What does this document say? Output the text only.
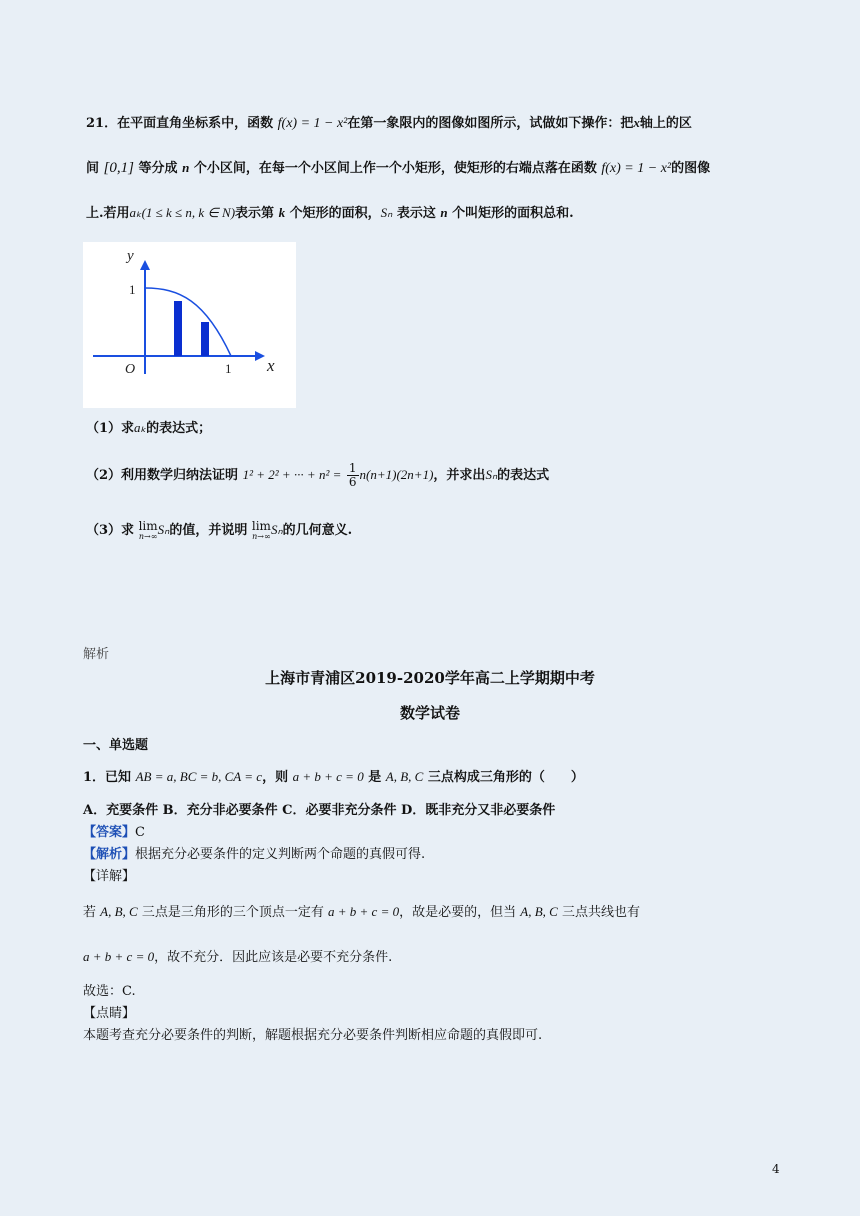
21．在平面直角坐标系中，函数 f(x) = 1 − x²在第一象限内的图像如图所示，试做如下操作：把x轴上的区
间 [0,1] 等分成 n 个小区间，在每一个小区间上作一个小矩形，使矩形的右端点落在函数 f(x) = 1 − x²的图像
上.若用aₖ(1 ≤ k ≤ n, k ∈ N)表示第 k 个矩形的面积，Sₙ 表示这 n 个叫矩形的面积总和.
y
1
O	1 x
（1）求aₖ的表达式；
（2）利用数学归纳法证明 1² + 2² + ··· + $n^2 = \frac{1}{6} n(n+1)(2n+1)$，并求出Sₙ的表达式
（3）求 lim
n→∞ Sₙ的值，并说明 lim
n→∞ Sₙ的几何意义.
解析
上海市青浦区2019-2020学年高二上学期期中考
数学试卷
一、单选题
1．已知 AB = a, BC = b, CA = c，则 a + b + c = 0 是 A, B, C 三点构成三角形的（　　）
A．充要条件 B．充分非必要条件 C．必要非充分条件 D．既非充分又非必要条件
【答案】C
【解析】根据充分必要条件的定义判断两个命题的真假可得.
【详解】
若 A, B, C 三点是三角形的三个顶点一定有 a + b + c = 0，故是必要的，但当 A, B, C 三点共线也有
a + b + c = 0，故不充分．因此应该是必要不充分条件.
故选：C.
【点睛】
本题考查充分必要条件的判断，解题根据充分必要条件判断相应命题的真假即可.
4
